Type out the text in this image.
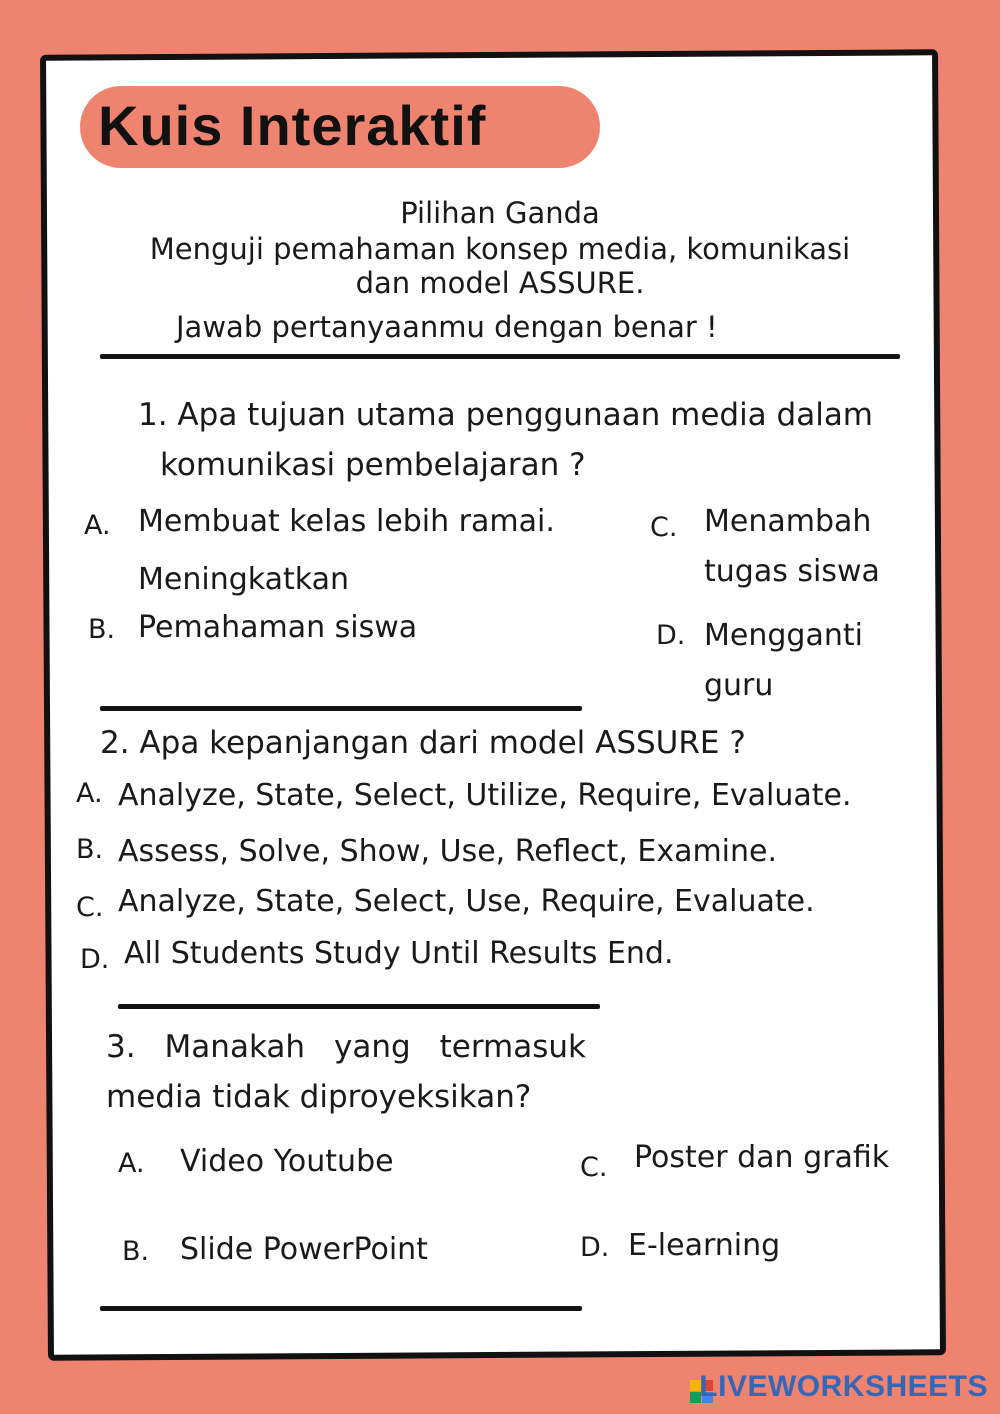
Kuis Interaktif
Pilihan Ganda
Menguji pemahaman konsep media, komunikasi
dan model ASSURE.
Jawab pertanyaanmu dengan benar !
1. Apa tujuan utama penggunaan media dalam
komunikasi pembelajaran ?
A. Membuat kelas lebih ramai.
Meningkatkan
B. Pemahaman siswa
C. Menambah
tugas siswa
D. Mengganti
guru
2. Apa kepanjangan dari model ASSURE ?
A. Analyze, State, Select, Utilize, Require, Evaluate.
B. Assess, Solve, Show, Use, Reflect, Examine.
C. Analyze, State, Select, Use, Require, Evaluate.
D. All Students Study Until Results End.
3. Manakah yang termasuk media tidak diproyeksikan?
A. Video Youtube
B. Slide PowerPoint
C. Poster dan grafik
D. E-learning
LIVEWORKSHEETS
